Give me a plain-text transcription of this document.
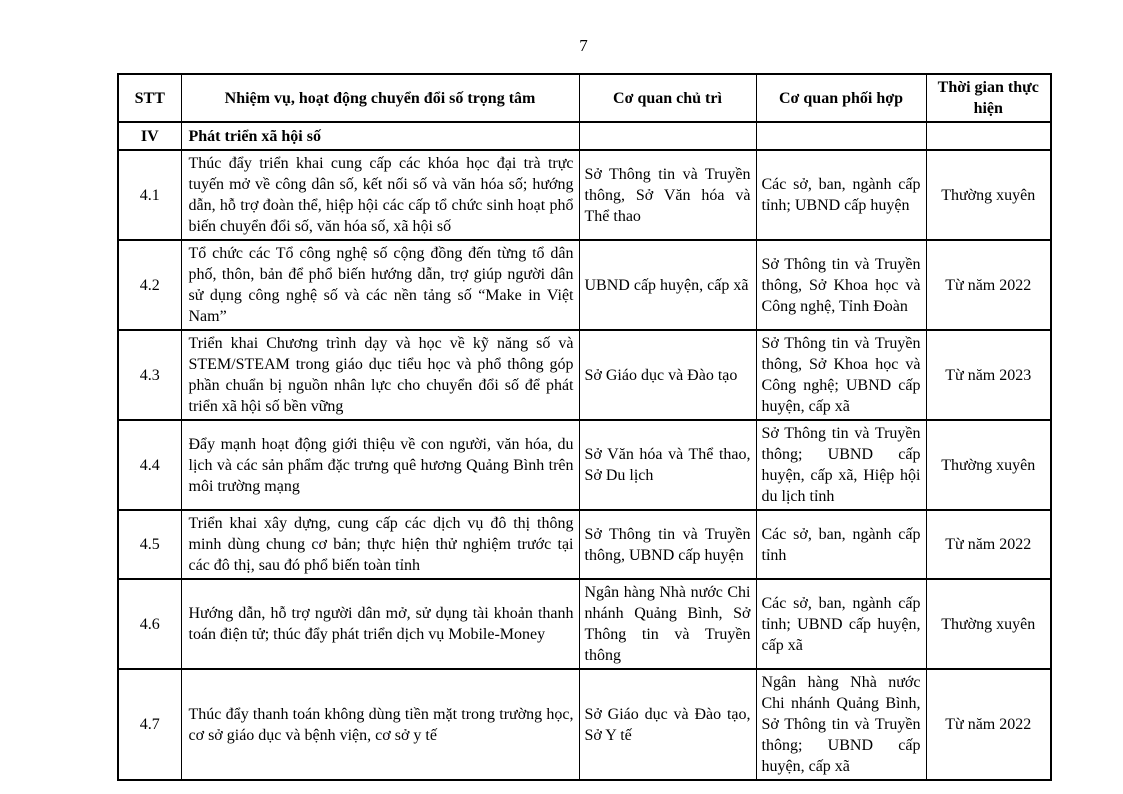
7
STT	Nhiệm vụ, hoạt động chuyển đổi số trọng tâm	Cơ quan chủ trì	Cơ quan phối hợp	Thời gian thực hiện
IV	Phát triển xã hội số			
4.1	Thúc đẩy triển khai cung cấp các khóa học đại trà trực tuyến mở về công dân số, kết nối số và văn hóa số; hướng dẫn, hỗ trợ đoàn thể, hiệp hội các cấp tổ chức sinh hoạt phổ biến chuyển đổi số, văn hóa số, xã hội số	Sở Thông tin và Truyền thông, Sở Văn hóa và Thể thao	Các sở, ban, ngành cấp tỉnh; UBND cấp huyện	Thường xuyên
4.2	Tổ chức các Tổ công nghệ số cộng đồng đến từng tổ dân phố, thôn, bản để phổ biến hướng dẫn, trợ giúp người dân sử dụng công nghệ số và các nền tảng số “Make in Việt Nam”	UBND cấp huyện, cấp xã	Sở Thông tin và Truyền thông, Sở Khoa học và Công nghệ, Tỉnh Đoàn	Từ năm 2022
4.3	Triển khai Chương trình dạy và học về kỹ năng số và STEM/STEAM trong giáo dục tiểu học và phổ thông góp phần chuẩn bị nguồn nhân lực cho chuyển đổi số để phát triển xã hội số bền vững	Sở Giáo dục và Đào tạo	Sở Thông tin và Truyền thông, Sở Khoa học và Công nghệ; UBND cấp huyện, cấp xã	Từ năm 2023
4.4	Đẩy mạnh hoạt động giới thiệu về con người, văn hóa, du lịch và các sản phẩm đặc trưng quê hương Quảng Bình trên môi trường mạng	Sở Văn hóa và Thể thao, Sở Du lịch	Sở Thông tin và Truyền thông; UBND cấp huyện, cấp xã, Hiệp hội du lịch tỉnh	Thường xuyên
4.5	Triển khai xây dựng, cung cấp các dịch vụ đô thị thông minh dùng chung cơ bản; thực hiện thử nghiệm trước tại các đô thị, sau đó phổ biến toàn tỉnh	Sở Thông tin và Truyền thông, UBND cấp huyện	Các sở, ban, ngành cấp tỉnh	Từ năm 2022
4.6	Hướng dẫn, hỗ trợ người dân mở, sử dụng tài khoản thanh toán điện tử; thúc đẩy phát triển dịch vụ Mobile-Money	Ngân hàng Nhà nước Chi nhánh Quảng Bình, Sở Thông tin và Truyền thông	Các sở, ban, ngành cấp tỉnh; UBND cấp huyện, cấp xã	Thường xuyên
4.7	Thúc đẩy thanh toán không dùng tiền mặt trong trường học, cơ sở giáo dục và bệnh viện, cơ sở y tế	Sở Giáo dục và Đào tạo, Sở Y tế	Ngân hàng Nhà nước Chi nhánh Quảng Bình, Sở Thông tin và Truyền thông; UBND cấp huyện, cấp xã	Từ năm 2022
